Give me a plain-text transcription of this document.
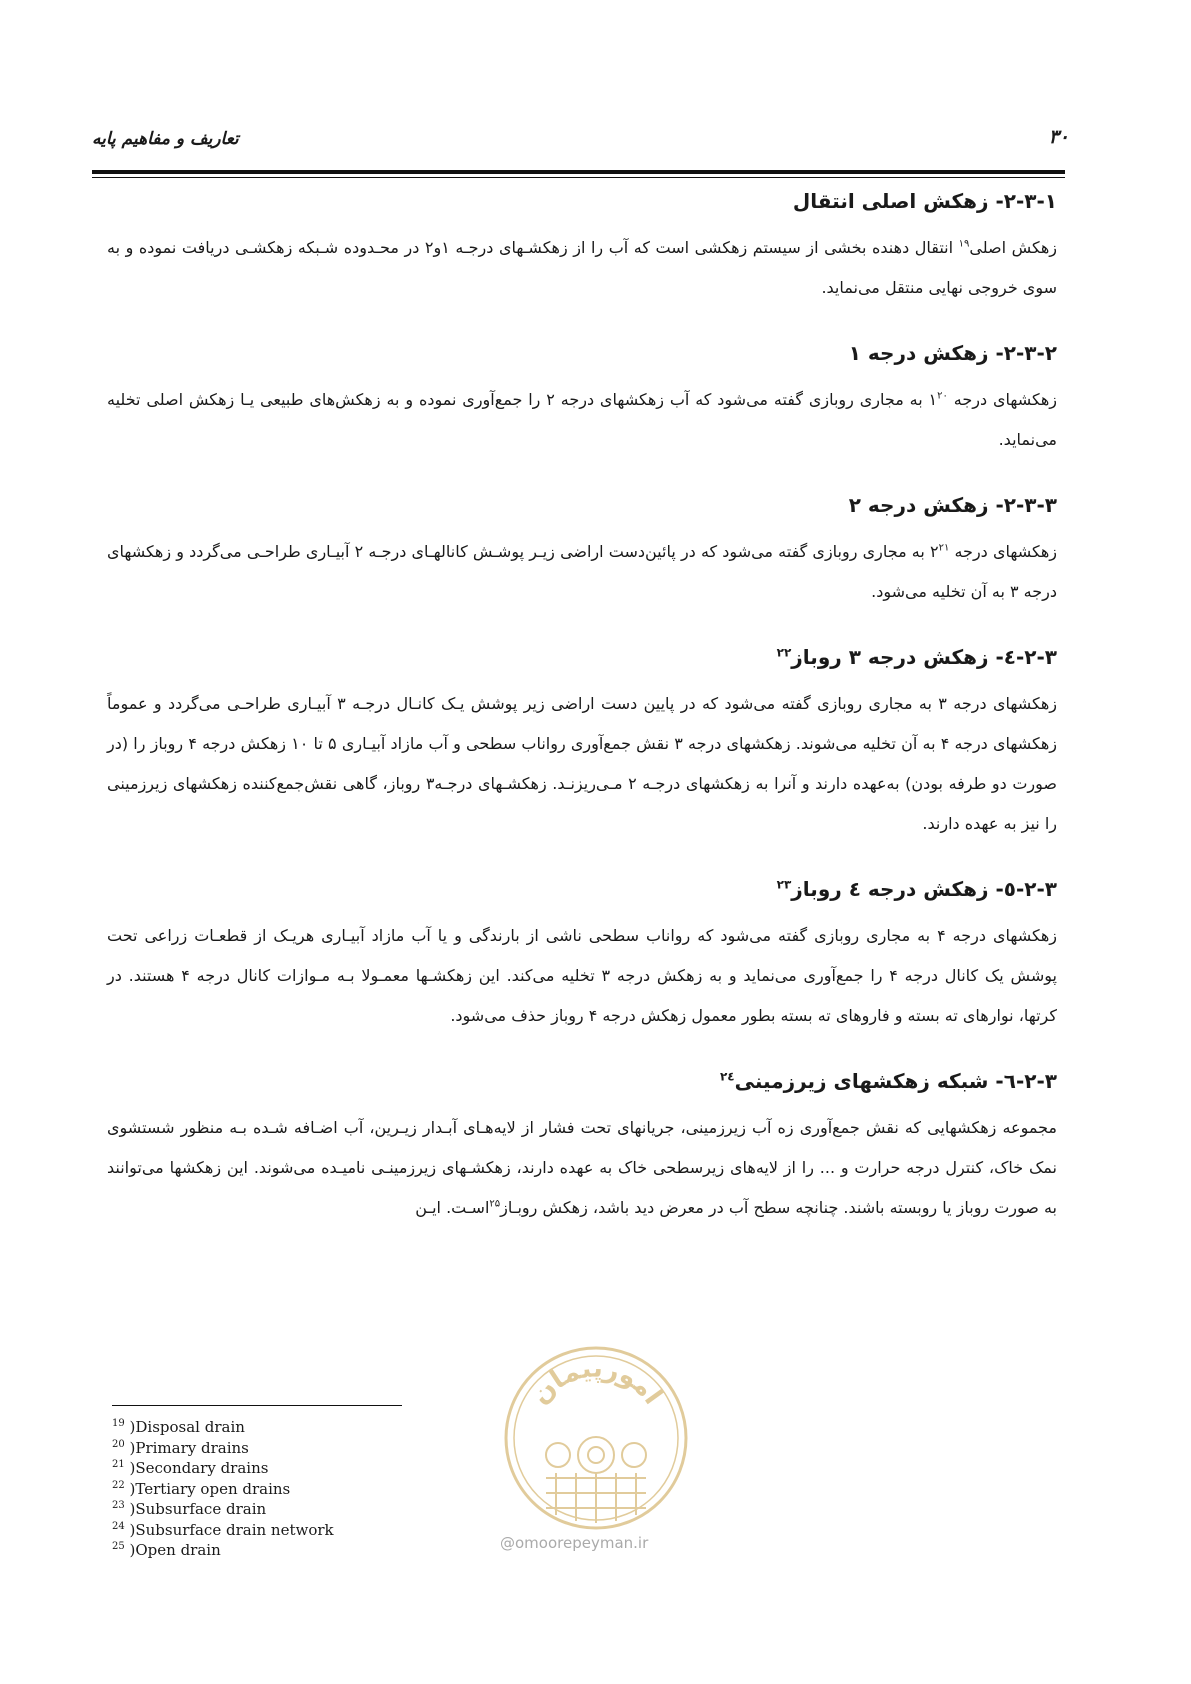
۳۰
تعاریف و مفاهیم پایه
۲-۳-۱- زهکش اصلی انتقال

زهکش اصلی$^{۱۹}$ انتقال دهنده بخشی از سیستم زهکشی است که آب را از زهکشـهای درجـه ۱و۲ در محـدوده شـبکه زهکشـی دریافت نموده و به سوی خروجی نهایی منتقل می‌نماید.

۲-۳-۲- زهکش درجه ۱

زهکشهای درجه $۱^{۲۰}$ به مجاری روبازی گفته می‌شود که آب زهکشهای درجه ۲ را جمع‌آوری نموده و به زهکش‌های طبیعی یـا زهکش اصلی تخلیه می‌نماید.

۲-۳-۳- زهکش درجه ۲

زهکشهای درجه $۲^{۲۱}$ به مجاری روبازی گفته می‌شود که در پائین‌دست اراضی زیـر پوشـش کانالهـای درجـه ۲ آبیـاری طراحـی می‌گردد و زهکشهای درجه ۳ به آن تخلیه می‌شود.

۲-۳-٤- زهکش درجه ۳ روباز$^{۲۲}$

زهکشهای درجه ۳ به مجاری روبازی گفته می‌شود که در پایین دست اراضی زیر پوشش یـک کانـال درجـه ۳ آبیـاری طراحـی می‌گردد و عموماً زهکشهای درجه ۴ به آن تخلیه می‌شوند. زهکشهای درجه ۳ نقش جمع‌آوری رواناب سطحی و آب مازاد آبیـاری ۵ تا ۱۰ زهکش درجه ۴ روباز را (در صورت دو طرفه بودن) به‌عهده دارند و آنرا به زهکشهای درجـه ۲ مـی‌ریزنـد. زهکشـهای درجـه۳ روباز، گاهی نقش‌جمع‌کننده زهکشهای زیرزمینی را نیز به عهده دارند.

۲-۳-٥- زهکش درجه ٤ روباز$^{۲۳}$

زهکشهای درجه ۴ به مجاری روبازی گفته می‌شود که رواناب سطحی ناشی از بارندگی و یا آب مازاد آبیـاری هریـک از قطعـات زراعی تحت پوشش یک کانال درجه ۴ را جمع‌آوری می‌نماید و به زهکش درجه ۳ تخلیه می‌کند. این زهکشـها معمـولا بـه مـوازات کانال درجه ۴ هستند. در کرتها، نوارهای ته بسته و فاروهای ته بسته بطور معمول زهکش درجه ۴ روباز حذف می‌شود.

۲-۳-٦- شبکه زهکشهای زیرزمینی$^{۲٤}$

مجموعه زهکشهایی که نقش جمع‌آوری زه آب زیرزمینی، جریانهای تحت فشار از لایه‌هـای آبـدار زیـرین، آب اضـافه شـده بـه منظور شستشوی نمک خاک، کنترل درجه حرارت و ... را از لایه‌های زیرسطحی خاک به عهده دارند، زهکشـهای زیرزمینـی نامیـده می‌شوند. این زهکشها می‌توانند به صورت روباز یا روبسته باشند. چنانچه سطح آب در معرض دید باشد، زهکش روبـاز$^{۲۵}$اسـت. ایـن

$^{19}$ )Disposal drain
$^{20}$ )Primary drains
$^{21}$ )Secondary drains
$^{22}$ )Tertiary open drains
$^{23}$ )Subsurface drain
$^{24}$ )Subsurface drain network
$^{25}$ )Open drain
امورپیمان
@omoorepeyman.ir
